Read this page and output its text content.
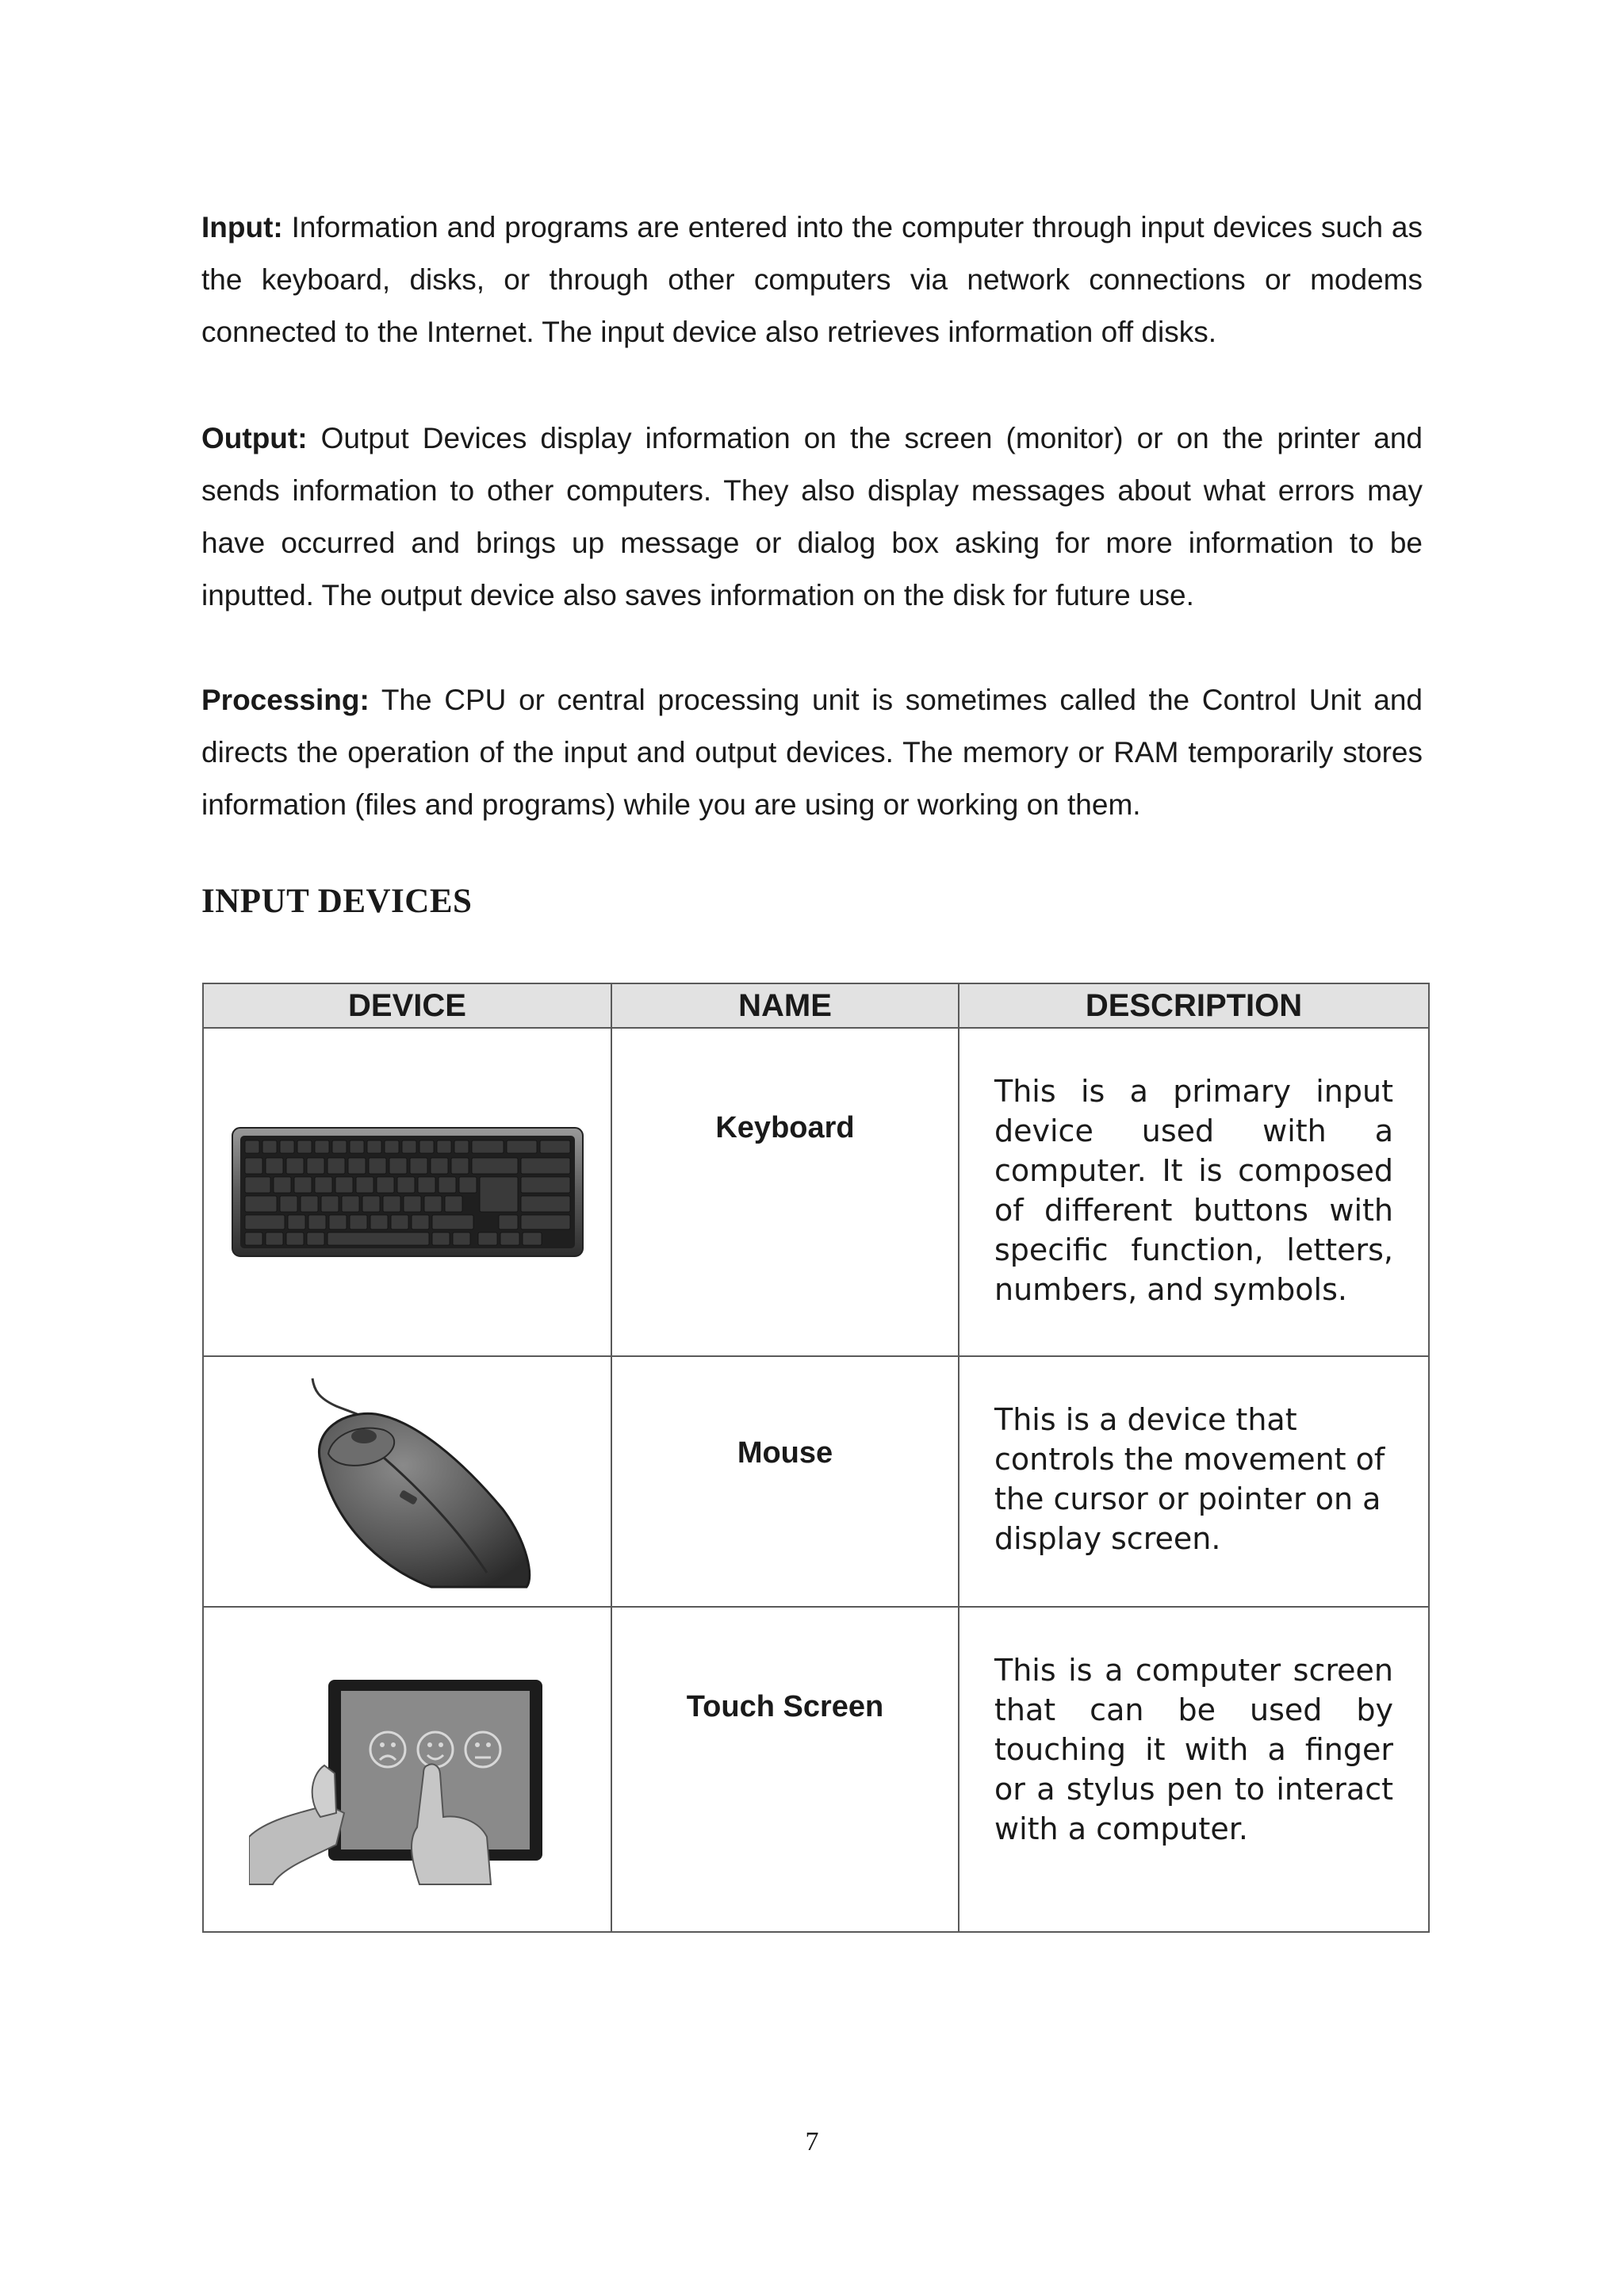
Input: Information and programs are entered into the computer through input devices such as the keyboard, disks, or through other computers via network connections or modems connected to the Internet. The input device also retrieves information off disks.

Output: Output Devices display information on the screen (monitor) or on the printer and sends information to other computers. They also display messages about what errors may have occurred and brings up message or dialog box asking for more information to be inputted. The output device also saves information on the disk for future use.

Processing: The CPU or central processing unit is sometimes called the Control Unit and directs the operation of the input and output devices. The memory or RAM temporarily stores information (files and programs) while you are using or working on them.

INPUT DEVICES
DEVICE	NAME	DESCRIPTION

Keyboard	This is a primary input device used with a computer. It is composed of different buttons with specific function, letters, numbers, and symbols.

Mouse	This is a device that controls the movement of the cursor or pointer on a display screen.

Touch Screen	This is a computer screen that can be used by touching it with a finger or a stylus pen to interact with a computer.
7
